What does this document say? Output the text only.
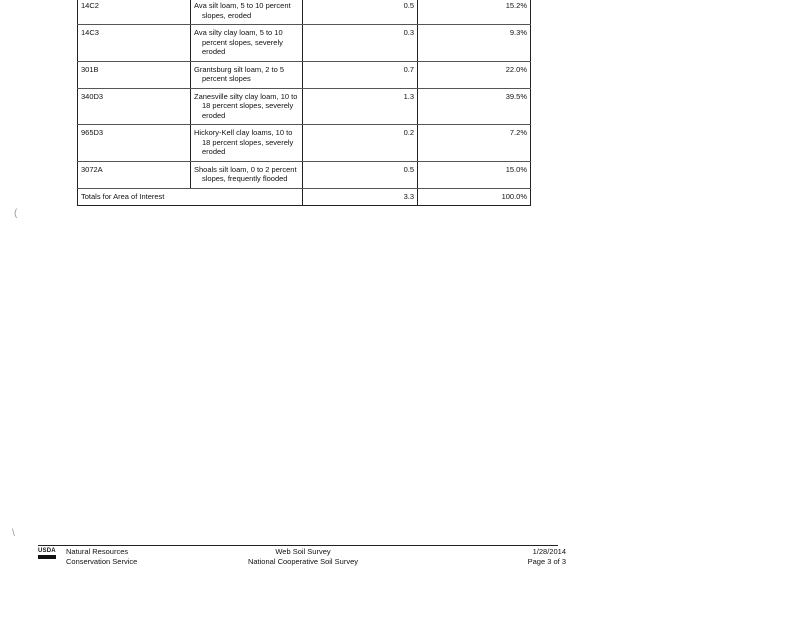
14C2	Ava silt loam, 5 to 10 percent slopes, eroded	0.5	15.2%
14C3	Ava silty clay loam, 5 to 10 percent slopes, severely eroded	0.3	9.3%
301B	Grantsburg silt loam, 2 to 5 percent slopes	0.7	22.0%
340D3	Zanesville silty clay loam, 10 to 18 percent slopes, severely eroded	1.3	39.5%
965D3	Hickory-Kell clay loams, 10 to 18 percent slopes, severely eroded	0.2	7.2%
3072A	Shoals silt loam, 0 to 2 percent slopes, frequently flooded	0.5	15.0%
Totals for Area of Interest		3.3	100.0%
(
\
USDA Natural Resources
Conservation Service
Web Soil Survey
National Cooperative Soil Survey
1/28/2014
Page 3 of 3
